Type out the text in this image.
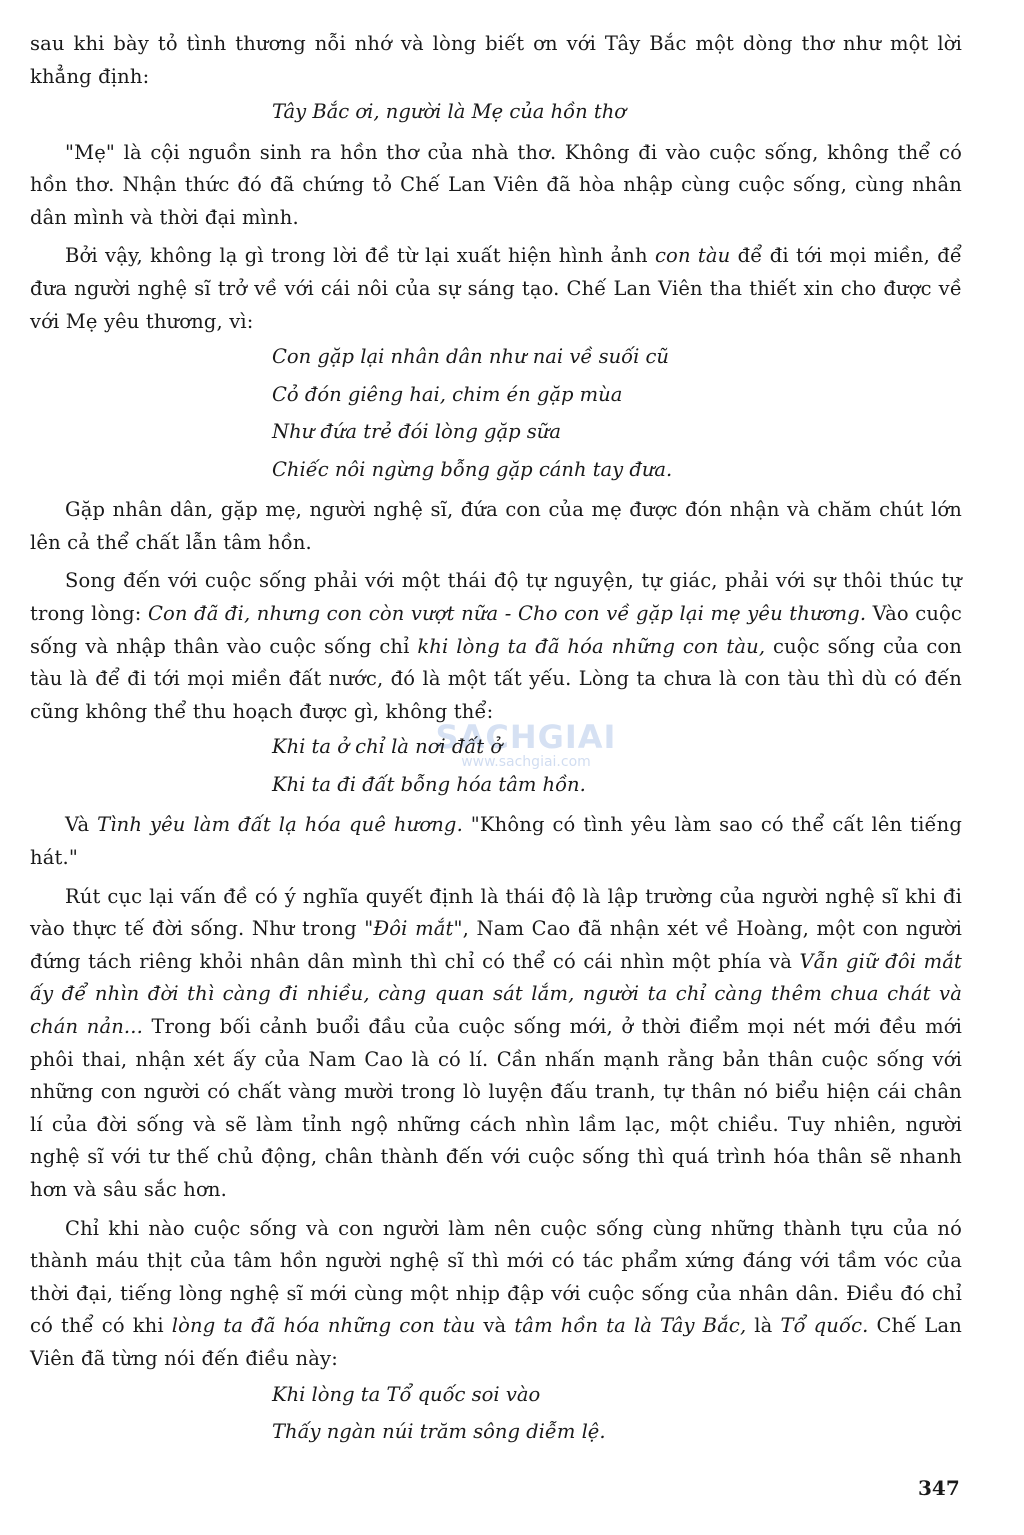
SACHGIAI
www.sachgiai.com

sau khi bày tỏ tình thương nỗi nhớ và lòng biết ơn với Tây Bắc một dòng thơ như một lời khẳng định:

Tây Bắc ơi, người là Mẹ của hồn thơ

"Mẹ" là cội nguồn sinh ra hồn thơ của nhà thơ. Không đi vào cuộc sống, không thể có hồn thơ. Nhận thức đó đã chứng tỏ Chế Lan Viên đã hòa nhập cùng cuộc sống, cùng nhân dân mình và thời đại mình.

Bởi vậy, không lạ gì trong lời đề từ lại xuất hiện hình ảnh con tàu để đi tới mọi miền, để đưa người nghệ sĩ trở về với cái nôi của sự sáng tạo. Chế Lan Viên tha thiết xin cho được về với Mẹ yêu thương, vì:

Con gặp lại nhân dân như nai về suối cũ

Cỏ đón giêng hai, chim én gặp mùa

Như đứa trẻ đói lòng gặp sữa

Chiếc nôi ngừng bỗng gặp cánh tay đưa.

Gặp nhân dân, gặp mẹ, người nghệ sĩ, đứa con của mẹ được đón nhận và chăm chút lớn lên cả thể chất lẫn tâm hồn.

Song đến với cuộc sống phải với một thái độ tự nguyện, tự giác, phải với sự thôi thúc tự trong lòng: Con đã đi, nhưng con còn vượt nữa - Cho con về gặp lại mẹ yêu thương. Vào cuộc sống và nhập thân vào cuộc sống chỉ khi lòng ta đã hóa những con tàu, cuộc sống của con tàu là để đi tới mọi miền đất nước, đó là một tất yếu. Lòng ta chưa là con tàu thì dù có đến cũng không thể thu hoạch được gì, không thể:

Khi ta ở chỉ là nơi đất ở

Khi ta đi đất bỗng hóa tâm hồn.

Và Tình yêu làm đất lạ hóa quê hương. "Không có tình yêu làm sao có thể cất lên tiếng hát."

Rút cục lại vấn đề có ý nghĩa quyết định là thái độ là lập trường của người nghệ sĩ khi đi vào thực tế đời sống. Như trong "Đôi mắt", Nam Cao đã nhận xét về Hoàng, một con người đứng tách riêng khỏi nhân dân mình thì chỉ có thể có cái nhìn một phía và Vẫn giữ đôi mắt ấy để nhìn đời thì càng đi nhiều, càng quan sát lắm, người ta chỉ càng thêm chua chát và chán nản... Trong bối cảnh buổi đầu của cuộc sống mới, ở thời điểm mọi nét mới đều mới phôi thai, nhận xét ấy của Nam Cao là có lí. Cần nhấn mạnh rằng bản thân cuộc sống với những con người có chất vàng mười trong lò luyện đấu tranh, tự thân nó biểu hiện cái chân lí của đời sống và sẽ làm tỉnh ngộ những cách nhìn lầm lạc, một chiều. Tuy nhiên, người nghệ sĩ với tư thế chủ động, chân thành đến với cuộc sống thì quá trình hóa thân sẽ nhanh hơn và sâu sắc hơn.

Chỉ khi nào cuộc sống và con người làm nên cuộc sống cùng những thành tựu của nó thành máu thịt của tâm hồn người nghệ sĩ thì mới có tác phẩm xứng đáng với tầm vóc của thời đại, tiếng lòng nghệ sĩ mới cùng một nhịp đập với cuộc sống của nhân dân. Điều đó chỉ có thể có khi lòng ta đã hóa những con tàu và tâm hồn ta là Tây Bắc, là Tổ quốc. Chế Lan Viên đã từng nói đến điều này:

Khi lòng ta Tổ quốc soi vào

Thấy ngàn núi trăm sông diễm lệ.

347
